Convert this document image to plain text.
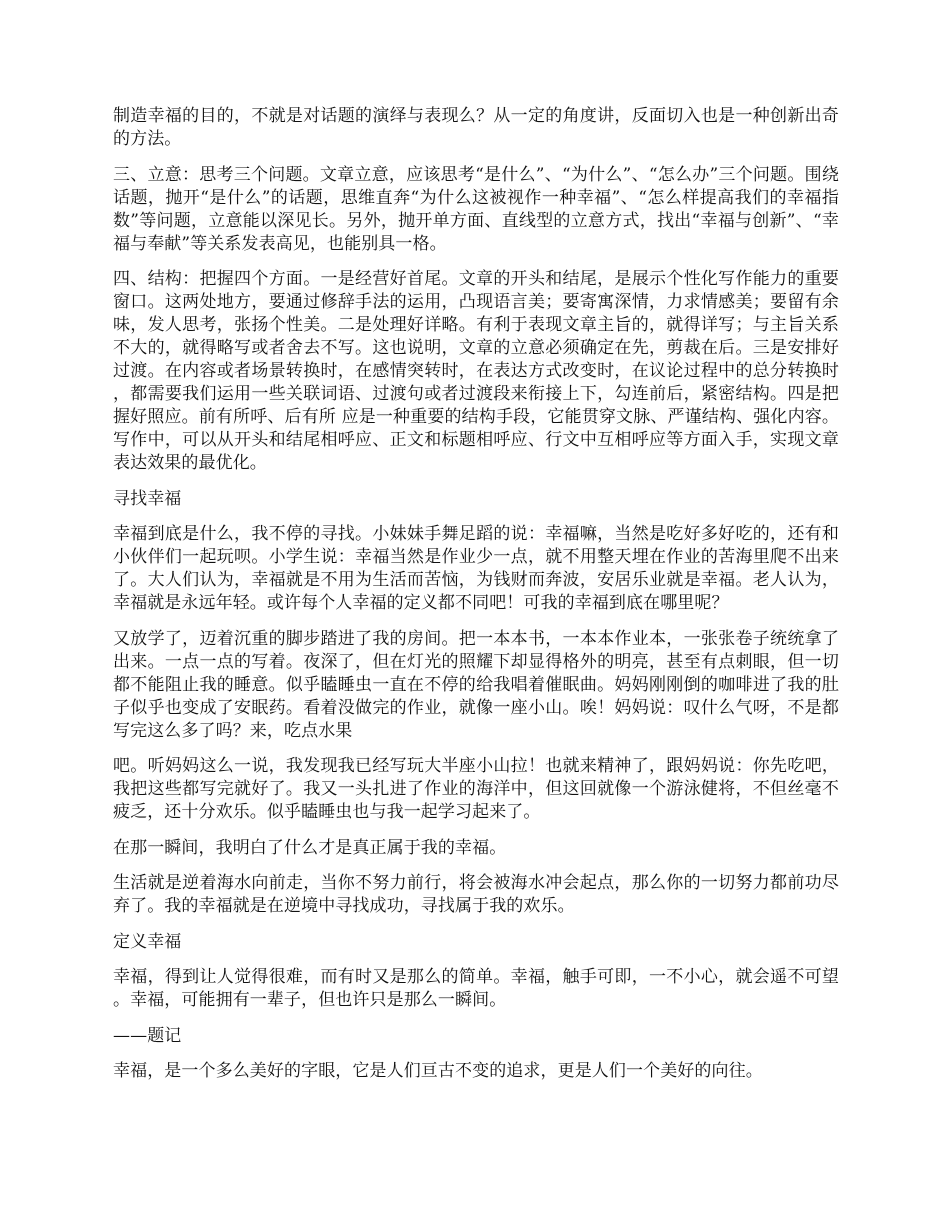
制造幸福的目的，不就是对话题的演绎与表现么？从一定的角度讲，反面切入也是一种创新出奇的方法。

三、立意：思考三个问题。文章立意，应该思考“是什么”、“为什么”、“怎么办”三个问题。围绕话题，抛开“是什么”的话题，思维直奔“为什么这被视作一种幸福”、“怎么样提高我们的幸福指数”等问题，立意能以深见长。另外，抛开单方面、直线型的立意方式，找出“幸福与创新”、“幸福与奉献”等关系发表高见，也能别具一格。

四、结构：把握四个方面。一是经营好首尾。文章的开头和结尾，是展示个性化写作能力的重要窗口。这两处地方，要通过修辞手法的运用，凸现语言美；要寄寓深情，力求情感美；要留有余味，发人思考，张扬个性美。二是处理好详略。有利于表现文章主旨的，就得详写；与主旨关系不大的，就得略写或者舍去不写。这也说明，文章的立意必须确定在先，剪裁在后。三是安排好过渡。在内容或者场景转换时，在感情突转时，在表达方式改变时，在议论过程中的总分转换时，都需要我们运用一些关联词语、过渡句或者过渡段来衔接上下，勾连前后，紧密结构。四是把握好照应。前有所呼、后有所 应是一种重要的结构手段，它能贯穿文脉、严谨结构、强化内容。写作中，可以从开头和结尾相呼应、正文和标题相呼应、行文中互相呼应等方面入手，实现文章表达效果的最优化。

寻找幸福

幸福到底是什么，我不停的寻找。小妹妹手舞足蹈的说：幸福嘛，当然是吃好多好吃的，还有和小伙伴们一起玩呗。小学生说：幸福当然是作业少一点，就不用整天埋在作业的苦海里爬不出来了。大人们认为，幸福就是不用为生活而苦恼，为钱财而奔波，安居乐业就是幸福。老人认为，幸福就是永远年轻。或许每个人幸福的定义都不同吧！可我的幸福到底在哪里呢？

又放学了，迈着沉重的脚步踏进了我的房间。把一本本书，一本本作业本，一张张卷子统统拿了出来。一点一点的写着。夜深了，但在灯光的照耀下却显得格外的明亮，甚至有点刺眼，但一切都不能阻止我的睡意。似乎瞌睡虫一直在不停的给我唱着催眠曲。妈妈刚刚倒的咖啡进了我的肚子似乎也变成了安眠药。看着没做完的作业，就像一座小山。唉！妈妈说：叹什么气呀，不是都写完这么多了吗？来，吃点水果

吧。听妈妈这么一说，我发现我已经写玩大半座小山拉！也就来精神了，跟妈妈说：你先吃吧，我把这些都写完就好了。我又一头扎进了作业的海洋中，但这回就像一个游泳健将，不但丝毫不疲乏，还十分欢乐。似乎瞌睡虫也与我一起学习起来了。

在那一瞬间，我明白了什么才是真正属于我的幸福。

生活就是逆着海水向前走，当你不努力前行，将会被海水冲会起点，那么你的一切努力都前功尽弃了。我的幸福就是在逆境中寻找成功，寻找属于我的欢乐。

定义幸福

幸福，得到让人觉得很难，而有时又是那么的简单。幸福，触手可即，一不小心，就会遥不可望。幸福，可能拥有一辈子，但也许只是那么一瞬间。

——题记

幸福，是一个多么美好的字眼，它是人们亘古不变的追求，更是人们一个美好的向往。
